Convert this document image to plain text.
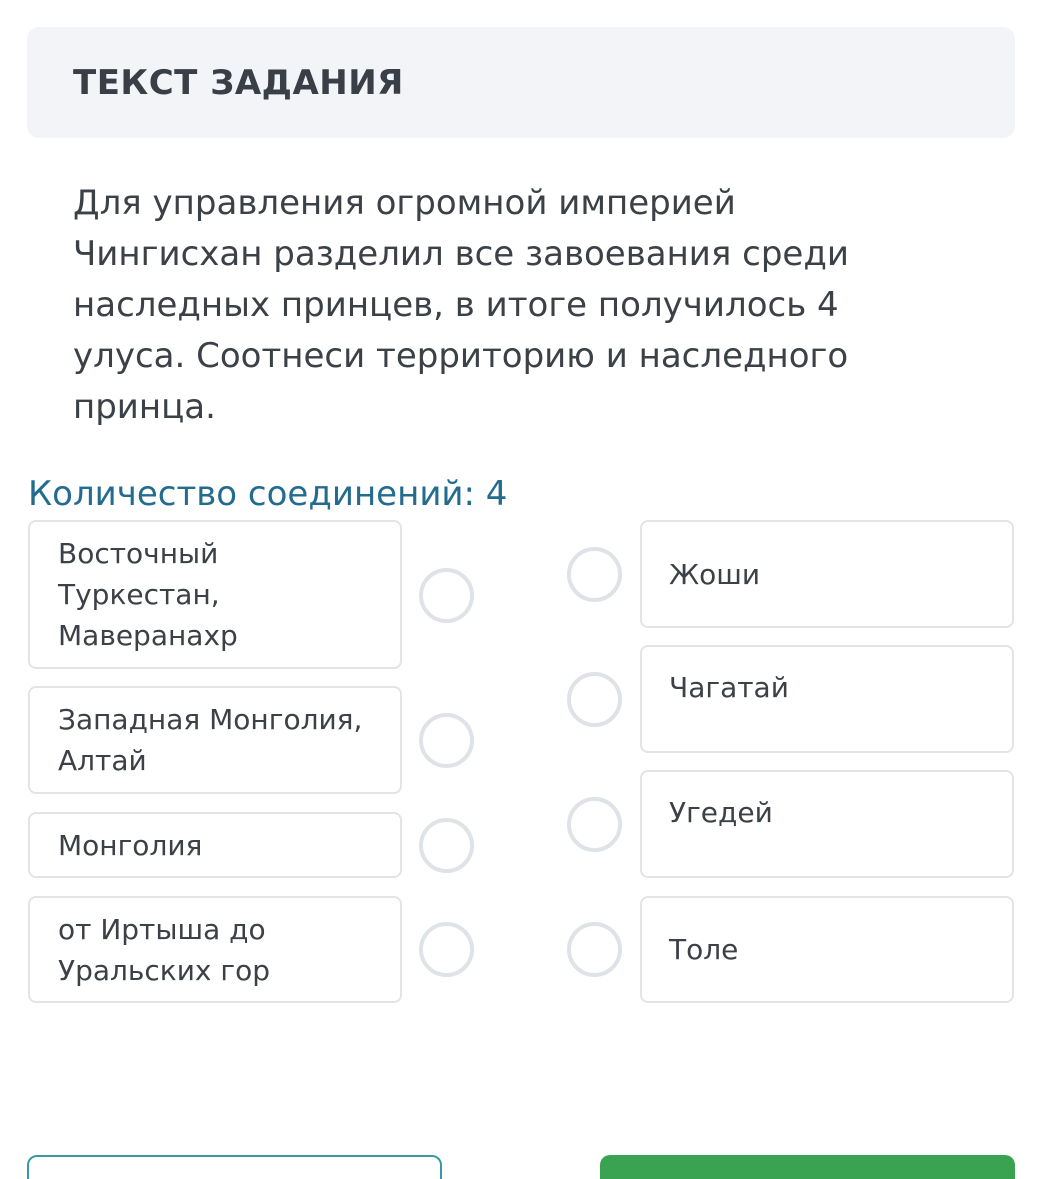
ТЕКСТ ЗАДАНИЯ
Для управления огромной империей Чингисхан разделил все завоевания среди наследных принцев, в итоге получилось 4 улуса. Соотнеси территорию и наследного принца.
Количество соединений: 4
Восточный Туркестан, Маверанахр
Западная Монголия, Алтай
Монголия
от Иртыша до Уральских гор
Жоши
Чагатай
Угедей
Толе
